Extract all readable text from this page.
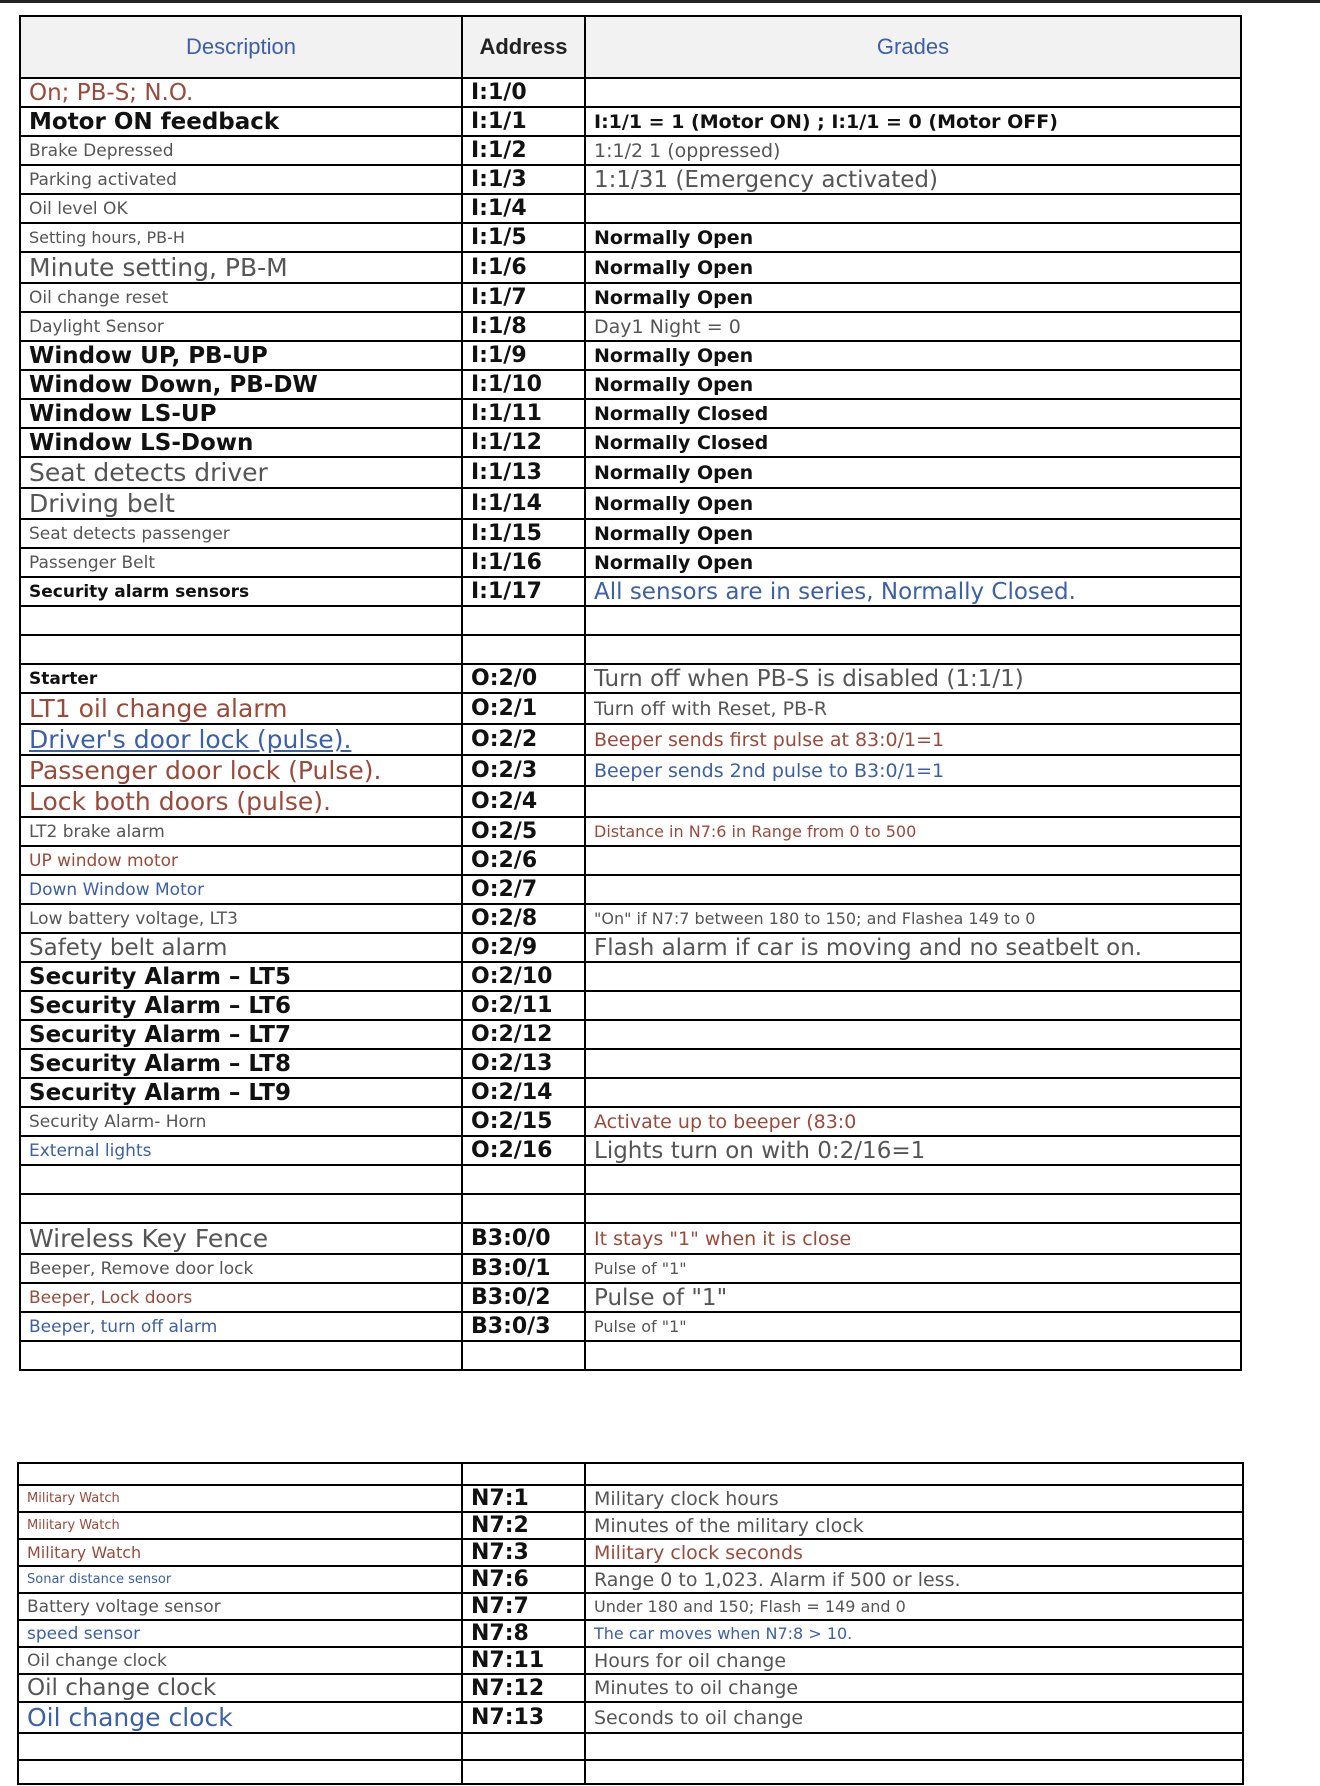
Description	Address	Grades
On; PB-S; N.O.	I:1/0	
Motor ON feedback	I:1/1	I:1/1 = 1 (Motor ON) ; I:1/1 = 0 (Motor OFF)
Brake Depressed	I:1/2	1:1/2 1 (oppressed)
Parking activated	I:1/3	1:1/31 (Emergency activated)
Oil level OK	I:1/4	
Setting hours, PB-H	I:1/5	Normally Open
Minute setting, PB-M	I:1/6	Normally Open
Oil change reset	I:1/7	Normally Open
Daylight Sensor	I:1/8	Day1 Night = 0
Window UP, PB-UP	I:1/9	Normally Open
Window Down, PB-DW	I:1/10	Normally Open
Window LS-UP	I:1/11	Normally Closed
Window LS-Down	I:1/12	Normally Closed
Seat detects driver	I:1/13	Normally Open
Driving belt	I:1/14	Normally Open
Seat detects passenger	I:1/15	Normally Open
Passenger Belt	I:1/16	Normally Open
Security alarm sensors	I:1/17	All sensors are in series, Normally Closed.

Starter	O:2/0	Turn off when PB-S is disabled (1:1/1)
LT1 oil change alarm	O:2/1	Turn off with Reset, PB-R
Driver's door lock (pulse).	O:2/2	Beeper sends first pulse at 83:0/1=1
Passenger door lock (Pulse).	O:2/3	Beeper sends 2nd pulse to B3:0/1=1
Lock both doors (pulse).	O:2/4	
LT2 brake alarm	O:2/5	Distance in N7:6 in Range from 0 to 500
UP window motor	O:2/6	
Down Window Motor	O:2/7	
Low battery voltage, LT3	O:2/8	"On" if N7:7 between 180 to 150; and Flashea 149 to 0
Safety belt alarm	O:2/9	Flash alarm if car is moving and no seatbelt on.
Security Alarm – LT5	O:2/10	
Security Alarm – LT6	O:2/11	
Security Alarm – LT7	O:2/12	
Security Alarm – LT8	O:2/13	
Security Alarm – LT9	O:2/14	
Security Alarm- Horn	O:2/15	Activate up to beeper (83:0
External lights	O:2/16	Lights turn on with 0:2/16=1

Wireless Key Fence	B3:0/0	It stays "1" when it is close
Beeper, Remove door lock	B3:0/1	Pulse of "1"
Beeper, Lock doors	B3:0/2	Pulse of "1"
Beeper, turn off alarm	B3:0/3	Pulse of "1"

Military Watch	N7:1	Military clock hours
Military Watch	N7:2	Minutes of the military clock
Military Watch	N7:3	Military clock seconds
Sonar distance sensor	N7:6	Range 0 to 1,023. Alarm if 500 or less.
Battery voltage sensor	N7:7	Under 180 and 150; Flash = 149 and 0
speed sensor	N7:8	The car moves when N7:8 > 10.
Oil change clock	N7:11	Hours for oil change
Oil change clock	N7:12	Minutes to oil change
Oil change clock	N7:13	Seconds to oil change
